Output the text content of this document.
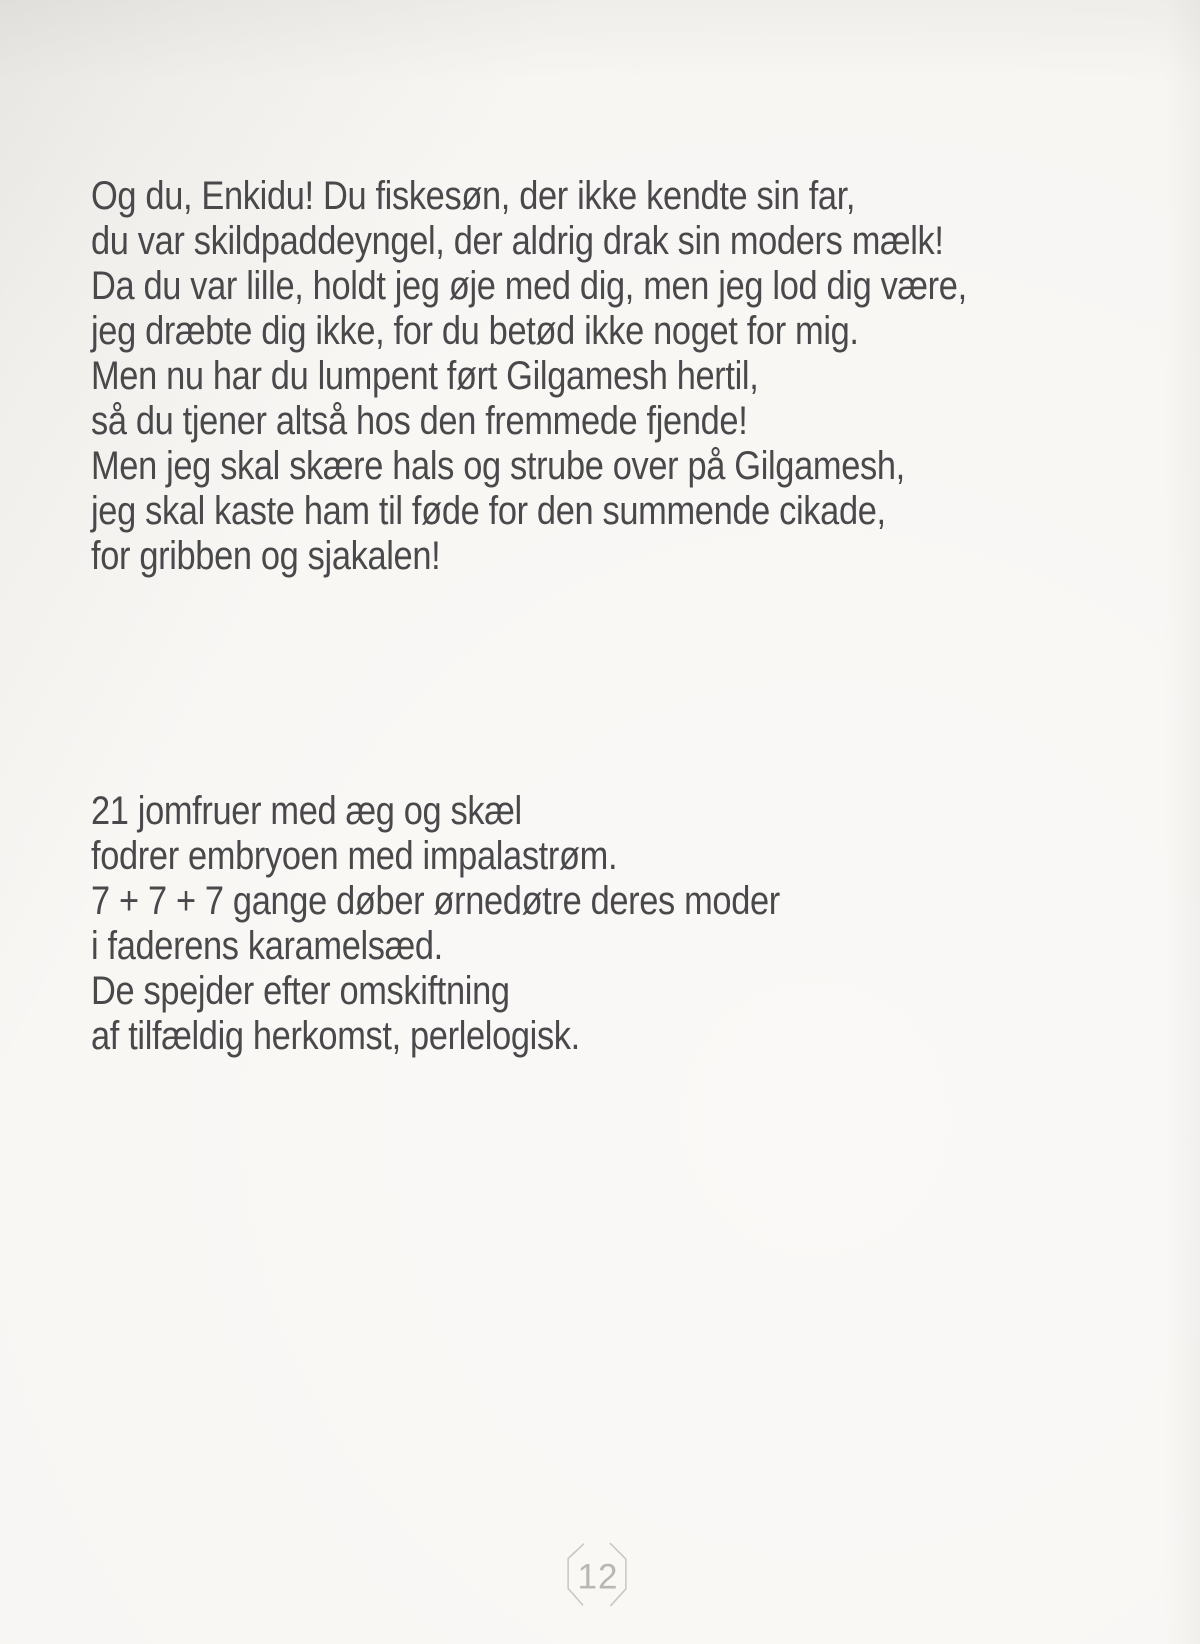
Og du, Enkidu! Du fiskesøn, der ikke kendte sin far,
du var skildpaddeyngel, der aldrig drak sin moders mælk!
Da du var lille, holdt jeg øje med dig, men jeg lod dig være,
jeg dræbte dig ikke, for du betød ikke noget for mig.
Men nu har du lumpent ført Gilgamesh hertil,
så du tjener altså hos den fremmede fjende!
Men jeg skal skære hals og strube over på Gilgamesh,
jeg skal kaste ham til føde for den summende cikade,
for gribben og sjakalen!
21 jomfruer med æg og skæl
fodrer embryoen med impalastrøm.
7 + 7 + 7 gange døber ørnedøtre deres moder
i faderens karamelsæd.
De spejder efter omskiftning
af tilfældig herkomst, perlelogisk.
12
